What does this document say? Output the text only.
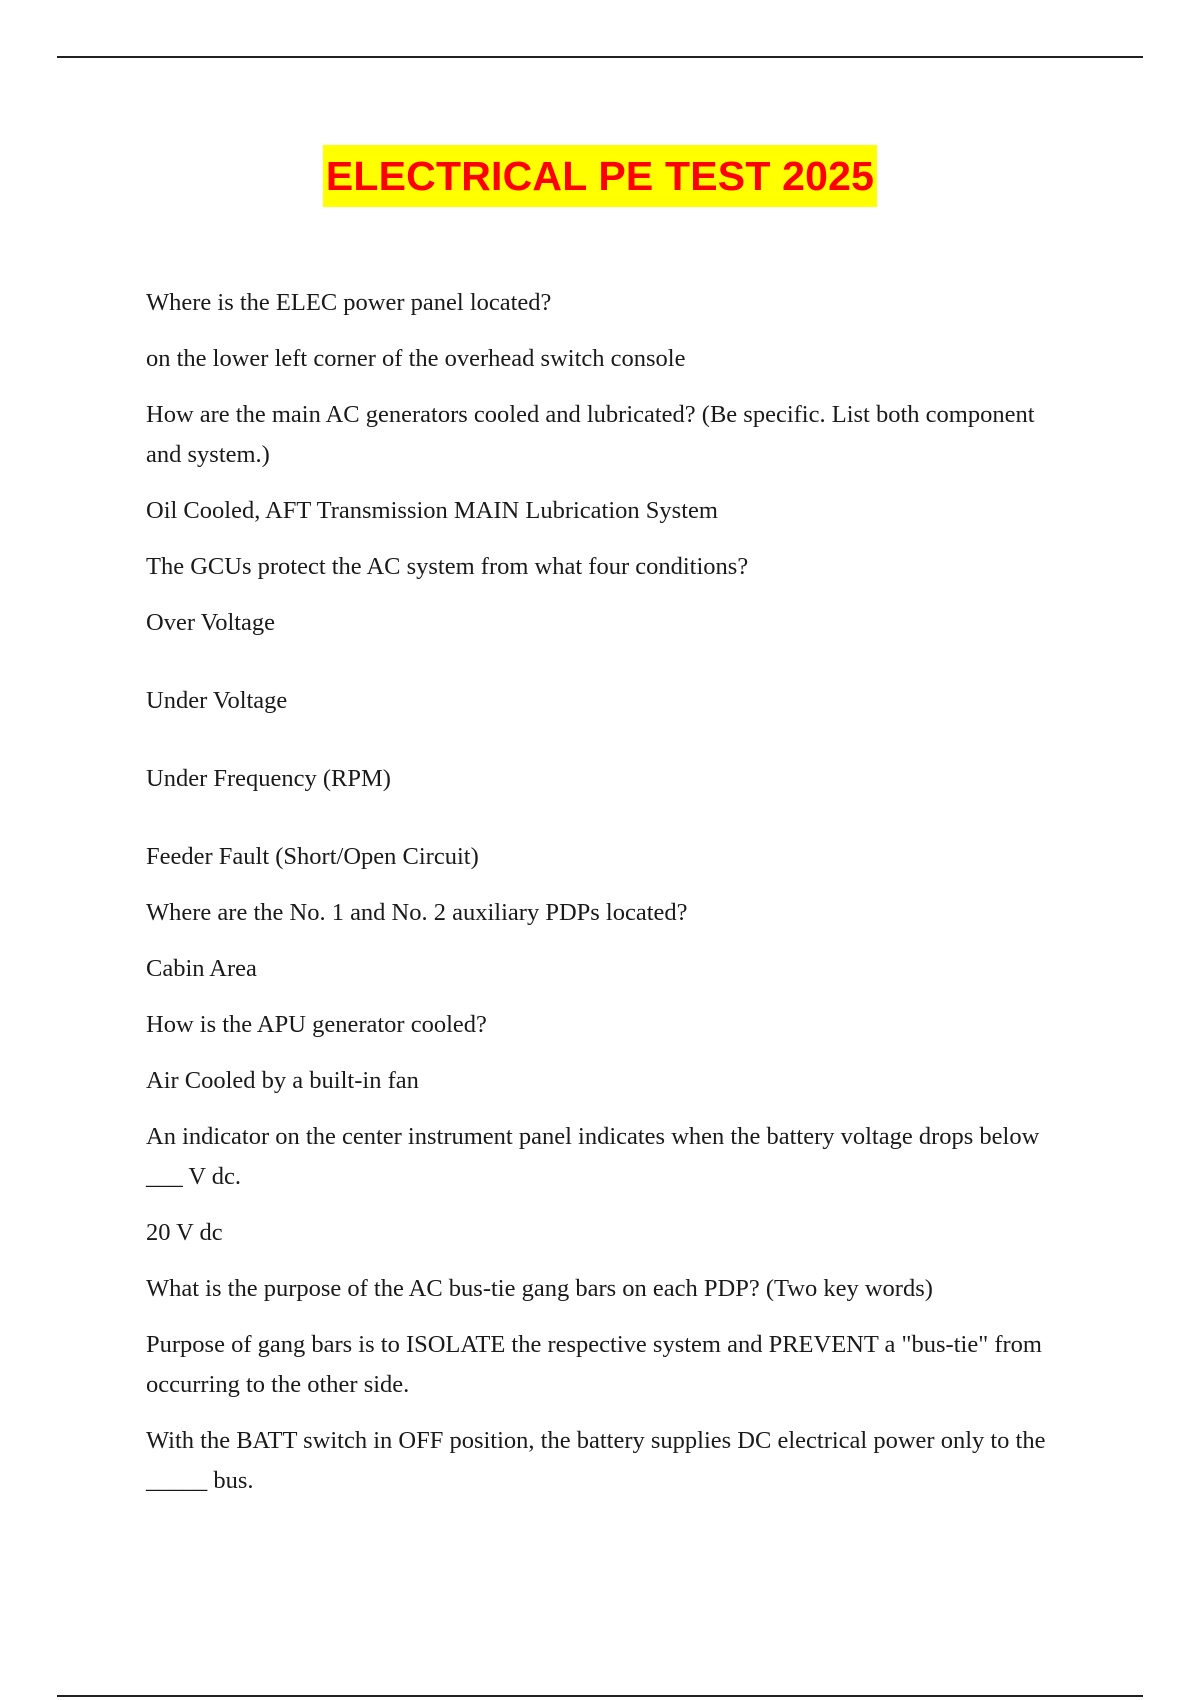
ELECTRICAL PE TEST 2025
Where is the ELEC power panel located?
on the lower left corner of the overhead switch console
How are the main AC generators cooled and lubricated? (Be specific. List both component and system.)
Oil Cooled, AFT Transmission MAIN Lubrication System
The GCUs protect the AC system from what four conditions?
Over Voltage
Under Voltage
Under Frequency (RPM)
Feeder Fault (Short/Open Circuit)
Where are the No. 1 and No. 2 auxiliary PDPs located?
Cabin Area
How is the APU generator cooled?
Air Cooled by a built-in fan
An indicator on the center instrument panel indicates when the battery voltage drops below ___ V dc.
20 V dc
What is the purpose of the AC bus-tie gang bars on each PDP? (Two key words)
Purpose of gang bars is to ISOLATE the respective system and PREVENT a "bus-tie" from occurring to the other side.
With the BATT switch in OFF position, the battery supplies DC electrical power only to the _____ bus.
